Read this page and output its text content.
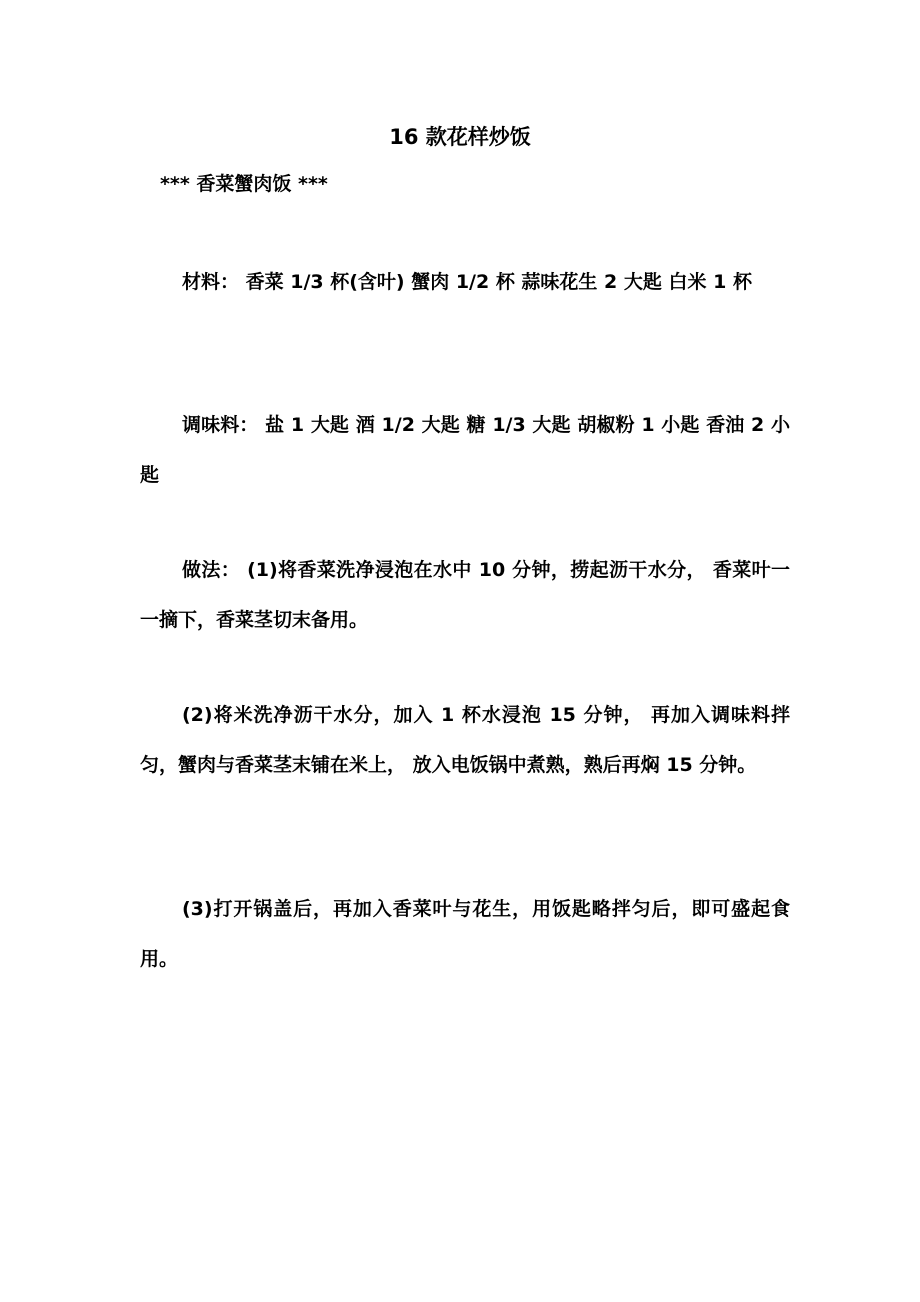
16 款花样炒饭

*** 香菜蟹肉饭 ***

材料： 香菜 1/3 杯(含叶) 蟹肉 1/2 杯 蒜味花生 2 大匙 白米 1 杯

调味料： 盐 1 大匙 酒 1/2 大匙 糖 1/3 大匙 胡椒粉 1 小匙 香油 2 小匙

做法： (1)将香菜洗净浸泡在水中 10 分钟，捞起沥干水分， 香菜叶一一摘下，香菜茎切末备用。

(2)将米洗净沥干水分，加入 1 杯水浸泡 15 分钟， 再加入调味料拌匀，蟹肉与香菜茎末铺在米上， 放入电饭锅中煮熟，熟后再焖 15 分钟。

(3)打开锅盖后，再加入香菜叶与花生，用饭匙略拌匀后，即可盛起食用。
